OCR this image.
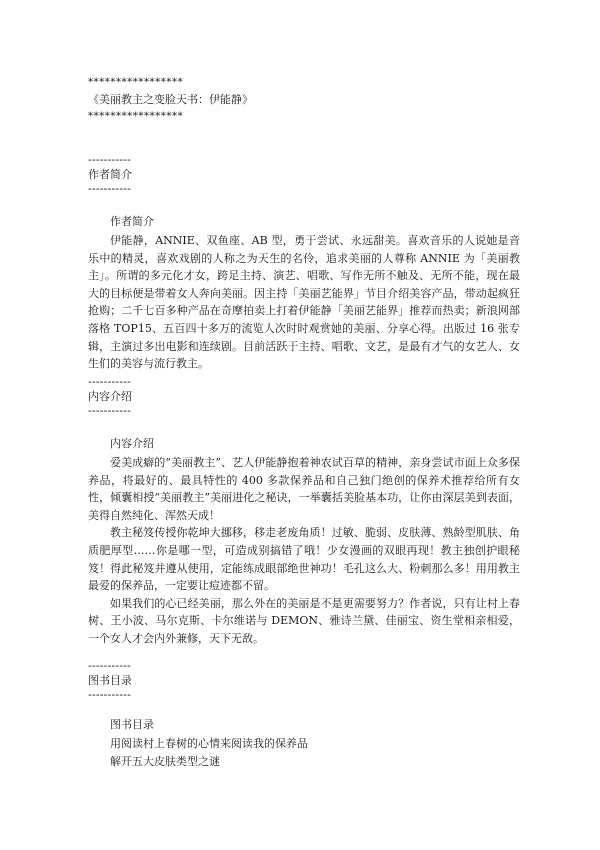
*****************
《美丽教主之变脸天书：伊能静》
*****************
-----------
作者简介
-----------
作者简介

伊能静，ANNIE、双鱼座、AB 型，勇于尝试、永远甜美。喜欢音乐的人说她是音乐中的精灵，喜欢戏剧的人称之为天生的名伶，追求美丽的人尊称 ANNIE 为「美丽教主」。所谓的多元化才女，跨足主持、演艺、唱歌、写作无所不触及、无所不能，现在最大的目标便是带着女人奔向美丽。因主持「美丽艺能界」节目介绍美容产品，带动起疯狂抢购；二千七百多种产品在奇摩拍卖上打着伊能静「美丽艺能界」推荐而热卖；新浪网部落格 TOP15、五百四十多万的流览人次时时观赏她的美丽、分享心得。出版过 16 张专辑，主演过多出电影和连续剧。目前活跃于主持、唱歌、文艺，是最有才气的女艺人、女生们的美容与流行教主。

-----------
内容介绍
-----------
内容介绍

爱美成癖的“美丽教主”、艺人伊能静抱着神农试百草的精神，亲身尝试市面上众多保养品，将最好的、最具特性的 400 多款保养品和自己独门绝创的保养术推荐给所有女性，倾囊相授“美丽教主”美丽进化之秘诀，一举囊括美脸基本功，让你由深层美到表面，美得自然纯化、浑然天成！

教主秘笈传授你乾坤大挪移，移走老废角质！过敏、脆弱、皮肤薄、熟龄型肌肤、角质肥厚型……你是哪一型，可造成别搞错了哦！少女漫画的双眼再现！教主独创护眼秘笈！得此秘笈并遵从使用，定能练成眼部绝世神功！毛孔这么大、粉刺那么多！用用教主最爱的保养品，一定要让痘迹都不留。

如果我们的心已经美丽，那么外在的美丽是不是更需要努力？作者说，只有让村上春树、王小波、马尔克斯、卡尔维诺与 DEMON、雅诗兰黛、佳丽宝、资生堂相亲相爱，一个女人才会内外兼修，天下无敌。

-----------
图书目录
-----------
图书目录
用阅读村上春树的心情来阅读我的保养品
解开五大皮肤类型之谜
